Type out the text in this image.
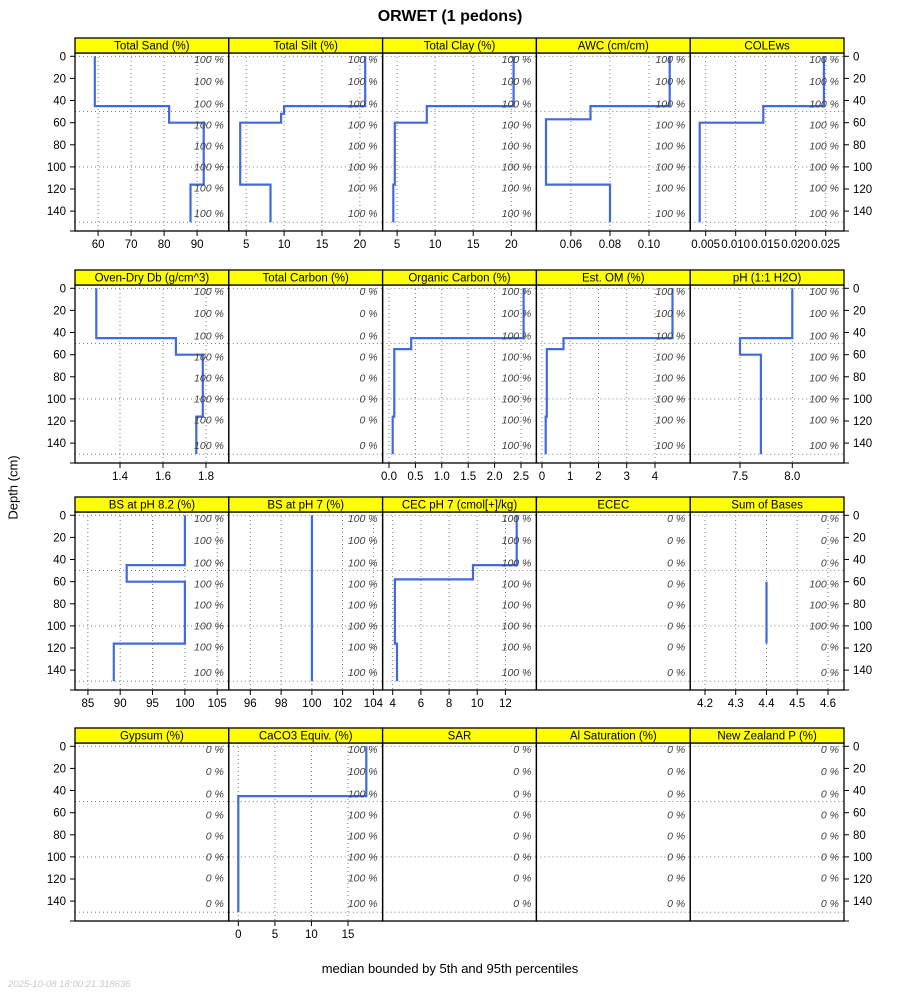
ORWET (1 pedons)
Depth (cm)
0	0
20	20
40	40
60	60
80	80
100	100
120	120
140	140
100 %
100 %
100 %
100 %
100 %
100 %
100 %
100 %
Total Sand (%)
60 70 80 90
100 %
100 %
100 %
100 %
100 %
100 %
100 %
100 %
Total Silt (%)
5 10 15 20
100 %
100 %
100 %
100 %
100 %
100 %
100 %
100 %
Total Clay (%)
5 10 15 20
100 %
100 %
100 %
100 %
100 %
100 %
100 %
100 %
AWC (cm/cm)
0.06 0.08 0.10
100 %
100 %
100 %
100 %
100 %
100 %
100 %
100 %
COLEws
0.005 0.010 0.015 0.020 0.025
0	0
20	20
40	40
60	60
80	80
100	100
120	120
140	140
100 %
100 %
100 %
100 %
100 %
100 %
100 %
100 %
Oven-Dry Db (g/cm^3)
1.4 1.6 1.8
0 %
0 %
0 %
0 %
0 %
0 %
0 %
0 %
Total Carbon (%)
100 %
100 %
100 %
100 %
100 %
100 %
100 %
100 %
Organic Carbon (%)
0.0 0.5 1.0 1.5 2.0 2.5
100 %
100 %
100 %
100 %
100 %
100 %
100 %
100 %
Est. OM (%)
0 1 2 3 4
100 %
100 %
100 %
100 %
100 %
100 %
100 %
100 %
pH (1:1 H2O)
7.5	8.0
0	0
20	20
40	40
60	60
80	80
100	100
120	120
140	140
100 %
100 %
100 %
100 %
100 %
100 %
100 %
100 %
BS at pH 8.2 (%)
85 90 95 100 105
100 %
100 %
100 %
100 %
100 %
100 %
100 %
100 %
BS at pH 7 (%)
96 98 100 102 104
100 %
100 %
100 %
100 %
100 %
100 %
100 %
100 %
CEC pH 7 (cmol[+]/kg)
4 6 8 10 12
0 %
0 %
0 %
0 %
0 %
0 %
0 %
0 %
ECEC
0 %
0 %
0 %
100 %
100 %
100 %
0 %
0 %
Sum of Bases
4.2 4.3 4.4 4.5 4.6
0	0
20	20
40	40
60	60
80	80
100	100
120	120
140	140
0 %
0 %
0 %
0 %
0 %
0 %
0 %
0 %
Gypsum (%)
100 %
100 %
100 %
100 %
100 %
100 %
100 %
100 %
CaCO3 Equiv. (%)
0	5 10 15
0 %
0 %
0 %
0 %
0 %
0 %
0 %
0 %
SAR
0 %
0 %
0 %
0 %
0 %
0 %
0 %
0 %
Al Saturation (%)
0 %
0 %
0 %
0 %
0 %
0 %
0 %
0 %
New Zealand P (%)
median bounded by 5th and 95th percentiles
2025-10-08 18:00:21.318636
